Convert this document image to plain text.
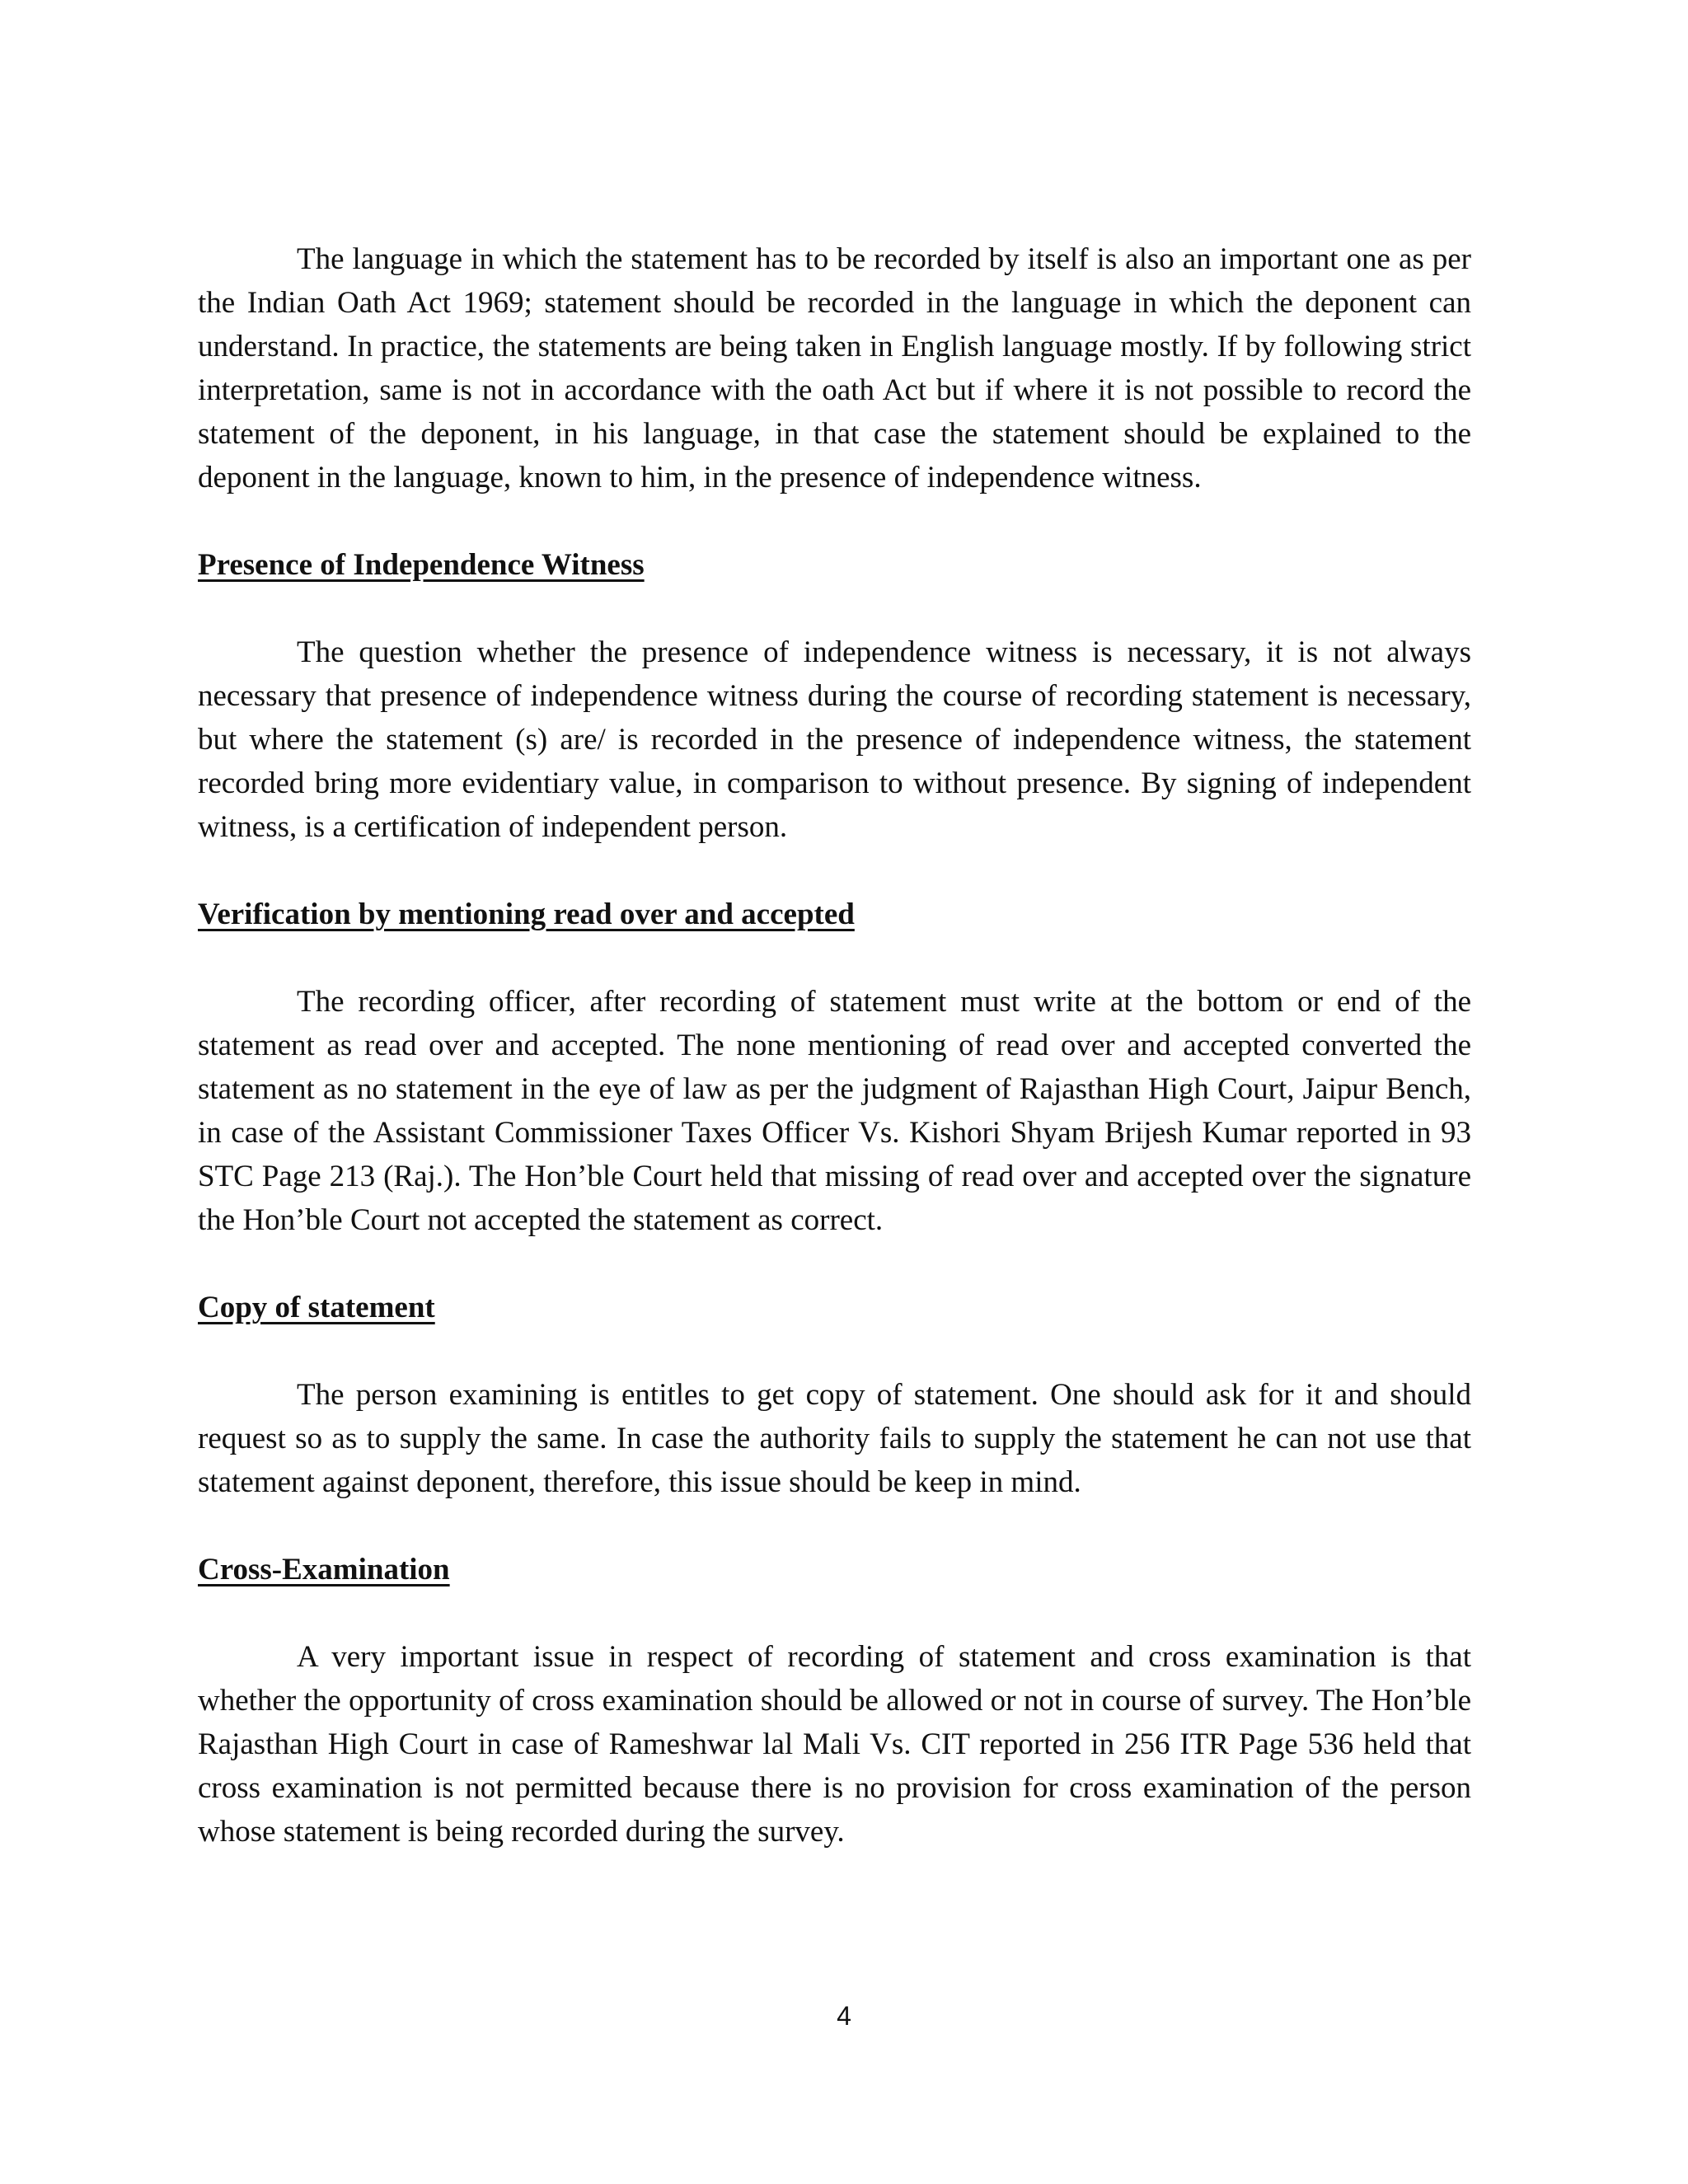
The language in which the statement has to be recorded by itself is also an important one as per the Indian Oath Act 1969; statement should be recorded in the language in which the deponent can understand. In practice, the statements are being taken in English language mostly. If by following strict interpretation, same is not in accordance with the oath Act but if where it is not possible to record the statement of the deponent, in his language, in that case the statement should be explained to the deponent in the language, known to him, in the presence of independence witness.

Presence of Independence Witness

The question whether the presence of independence witness is necessary, it is not always necessary that presence of independence witness during the course of recording statement is necessary, but where the statement (s) are/ is recorded in the presence of independence witness, the statement recorded bring more evidentiary value, in comparison to without presence. By signing of independent witness, is a certification of independent person.

Verification by mentioning read over and accepted

The recording officer, after recording of statement must write at the bottom or end of the statement as read over and accepted. The none mentioning of read over and accepted converted the statement as no statement in the eye of law as per the judgment of Rajasthan High Court, Jaipur Bench, in case of the Assistant Commissioner Taxes Officer Vs. Kishori Shyam Brijesh Kumar reported in 93 STC Page 213 (Raj.). The Hon’ble Court held that missing of read over and accepted over the signature the Hon’ble Court not accepted the statement as correct.

Copy of statement

The person examining is entitles to get copy of statement. One should ask for it and should request so as to supply the same. In case the authority fails to supply the statement he can not use that statement against deponent, therefore, this issue should be keep in mind.

Cross-Examination

A very important issue in respect of recording of statement and cross examination is that whether the opportunity of cross examination should be allowed or not in course of survey. The Hon’ble Rajasthan High Court in case of Rameshwar lal Mali Vs. CIT reported in 256 ITR Page 536 held that cross examination is not permitted because there is no provision for cross examination of the person whose statement is being recorded during the survey.

4
